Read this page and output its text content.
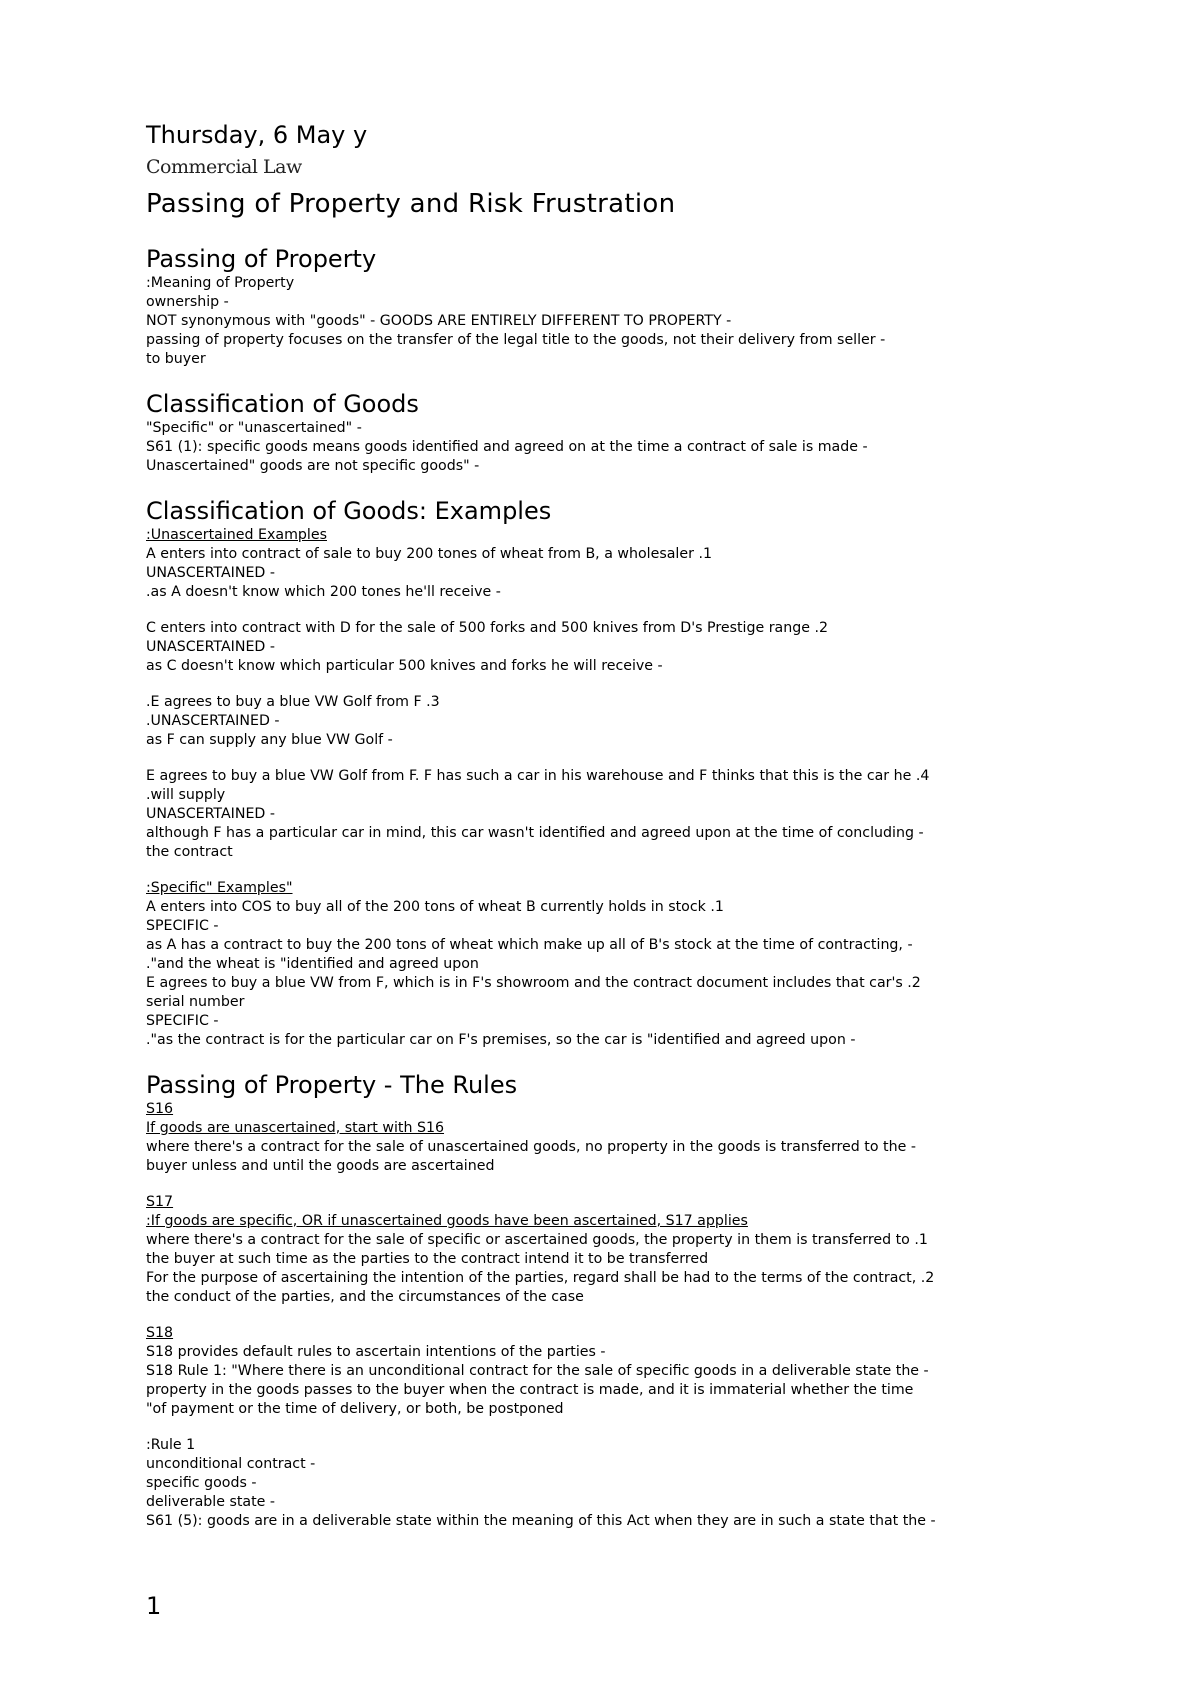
Thursday, 6 May y

Commercial Law

Passing of Property and Risk Frustration
Passing of Property
:Meaning of Property
ownership -
NOT synonymous with "goods" - GOODS ARE ENTIRELY DIFFERENT TO PROPERTY -
passing of property focuses on the transfer of the legal title to the goods, not their delivery from seller -
to buyer
Classification of Goods
"Specific" or "unascertained" -
S61 (1): specific goods means goods identified and agreed on at the time a contract of sale is made -
Unascertained" goods are not specific goods" -
Classification of Goods: Examples
:Unascertained Examples
A enters into contract of sale to buy 200 tones of wheat from B, a wholesaler .1
UNASCERTAINED -
.as A doesn't know which 200 tones he'll receive -
C enters into contract with D for the sale of 500 forks and 500 knives from D's Prestige range .2
UNASCERTAINED -
as C doesn't know which particular 500 knives and forks he will receive -
.E agrees to buy a blue VW Golf from F .3
.UNASCERTAINED -
as F can supply any blue VW Golf -
E agrees to buy a blue VW Golf from F. F has such a car in his warehouse and F thinks that this is the car he .4
.will supply
UNASCERTAINED -
although F has a particular car in mind, this car wasn't identified and agreed upon at the time of concluding -
the contract
:Specific" Examples"
A enters into COS to buy all of the 200 tons of wheat B currently holds in stock .1
SPECIFIC -
as A has a contract to buy the 200 tons of wheat which make up all of B's stock at the time of contracting, -
."and the wheat is "identified and agreed upon
E agrees to buy a blue VW from F, which is in F's showroom and the contract document includes that car's .2
serial number
SPECIFIC -
."as the contract is for the particular car on F's premises, so the car is "identified and agreed upon -
Passing of Property - The Rules
S16
If goods are unascertained, start with S16
where there's a contract for the sale of unascertained goods, no property in the goods is transferred to the -
buyer unless and until the goods are ascertained
S17
:If goods are specific, OR if unascertained goods have been ascertained, S17 applies
where there's a contract for the sale of specific or ascertained goods, the property in them is transferred to .1
the buyer at such time as the parties to the contract intend it to be transferred
For the purpose of ascertaining the intention of the parties, regard shall be had to the terms of the contract, .2
the conduct of the parties, and the circumstances of the case
S18
S18 provides default rules to ascertain intentions of the parties -
S18 Rule 1: "Where there is an unconditional contract for the sale of specific goods in a deliverable state the -
property in the goods passes to the buyer when the contract is made, and it is immaterial whether the time
"of payment or the time of delivery, or both, be postponed
:Rule 1
unconditional contract -
specific goods -
deliverable state -
S61 (5): goods are in a deliverable state within the meaning of this Act when they are in such a state that the -
1
